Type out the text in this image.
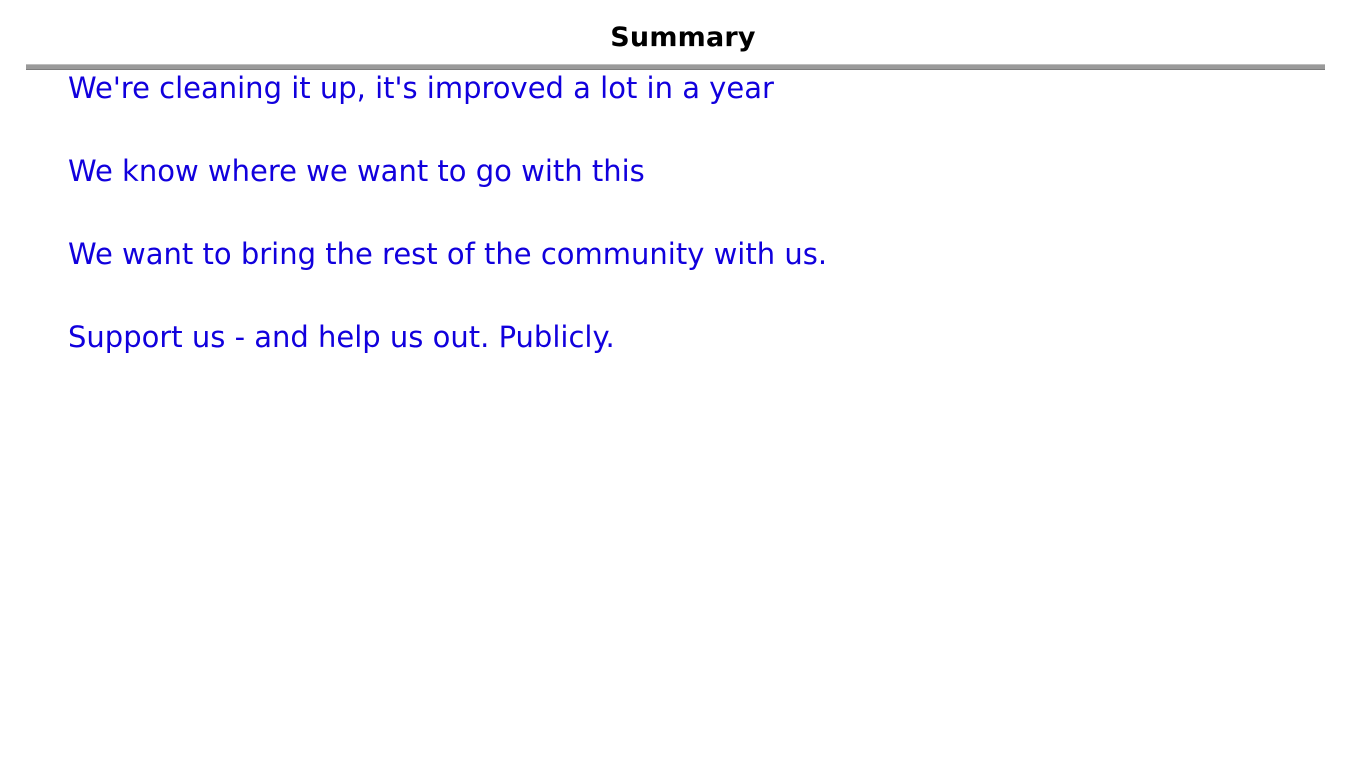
Summary
We're cleaning it up, it's improved a lot in a year
We know where we want to go with this
We want to bring the rest of the community with us.
Support us - and help us out. Publicly.
